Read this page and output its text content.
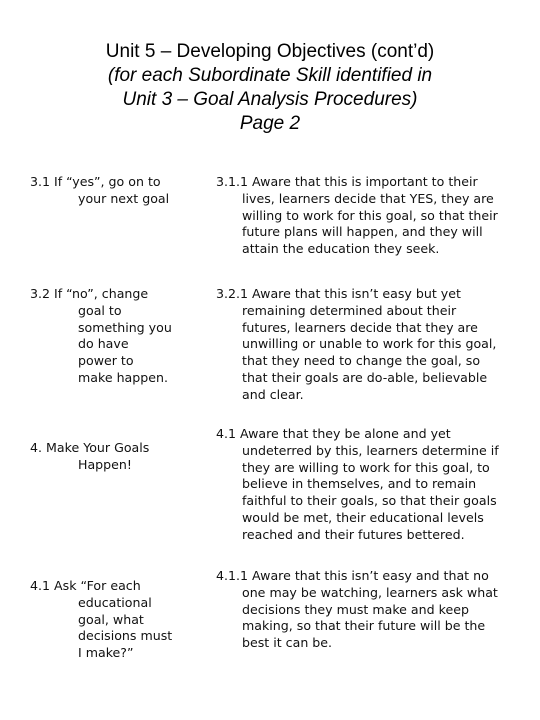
Unit 5 – Developing Objectives (cont’d)
(for each Subordinate Skill identified in
Unit 3 – Goal Analysis Procedures)
Page 2
3.1 If “yes”, go on to
your next goal
3.1.1 Aware that this is important to their
lives, learners decide that YES, they are
willing to work for this goal, so that their
future plans will happen, and they will
attain the education they seek.
3.2 If “no”, change
goal to
something you
do have
power to
make happen.
3.2.1 Aware that this isn’t easy but yet
remaining determined about their
futures, learners decide that they are
unwilling or unable to work for this goal,
that they need to change the goal, so
that their goals are do-able, believable
and clear.
4. Make Your Goals
Happen!
4.1 Aware that they be alone and yet
undeterred by this, learners determine if
they are willing to work for this goal, to
believe in themselves, and to remain
faithful to their goals, so that their goals
would be met, their educational levels
reached and their futures bettered.
4.1 Ask “For each
educational
goal, what
decisions must
I make?”
4.1.1 Aware that this isn’t easy and that no
one may be watching, learners ask what
decisions they must make and keep
making, so that their future will be the
best it can be.
